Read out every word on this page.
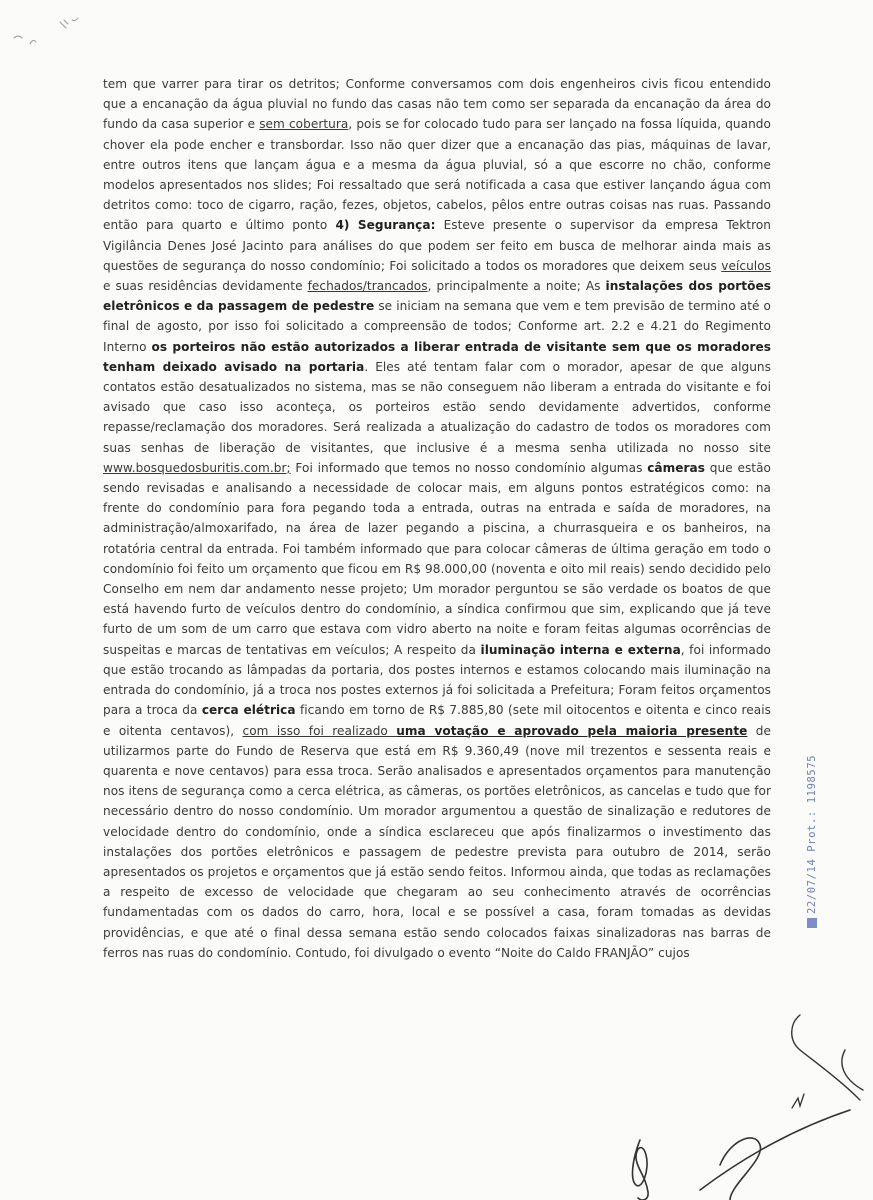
tem que varrer para tirar os detritos; Conforme conversamos com dois engenheiros civis ficou entendido que a encanação da água pluvial no fundo das casas não tem como ser separada da encanação da área do fundo da casa superior e sem cobertura, pois se for colocado tudo para ser lançado na fossa líquida, quando chover ela pode encher e transbordar. Isso não quer dizer que a encanação das pias, máquinas de lavar, entre outros itens que lançam água e a mesma da água pluvial, só a que escorre no chão, conforme modelos apresentados nos slides; Foi ressaltado que será notificada a casa que estiver lançando água com detritos como: toco de cigarro, ração, fezes, objetos, cabelos, pêlos entre outras coisas nas ruas. Passando então para quarto e último ponto 4) Segurança: Esteve presente o supervisor da empresa Tektron Vigilância Denes José Jacinto para análises do que podem ser feito em busca de melhorar ainda mais as questões de segurança do nosso condomínio; Foi solicitado a todos os moradores que deixem seus veículos e suas residências devidamente fechados/trancados, principalmente a noite; As instalações dos portões eletrônicos e da passagem de pedestre se iniciam na semana que vem e tem previsão de termino até o final de agosto, por isso foi solicitado a compreensão de todos; Conforme art. 2.2 e 4.21 do Regimento Interno os porteiros não estão autorizados a liberar entrada de visitante sem que os moradores tenham deixado avisado na portaria. Eles até tentam falar com o morador, apesar de que alguns contatos estão desatualizados no sistema, mas se não conseguem não liberam a entrada do visitante e foi avisado que caso isso aconteça, os porteiros estão sendo devidamente advertidos, conforme repasse/reclamação dos moradores. Será realizada a atualização do cadastro de todos os moradores com suas senhas de liberação de visitantes, que inclusive é a mesma senha utilizada no nosso site www.bosquedosburitis.com.br; Foi informado que temos no nosso condomínio algumas câmeras que estão sendo revisadas e analisando a necessidade de colocar mais, em alguns pontos estratégicos como: na frente do condomínio para fora pegando toda a entrada, outras na entrada e saída de moradores, na administração/almoxarifado, na área de lazer pegando a piscina, a churrasqueira e os banheiros, na rotatória central da entrada. Foi também informado que para colocar câmeras de última geração em todo o condomínio foi feito um orçamento que ficou em R$ 98.000,00 (noventa e oito mil reais) sendo decidido pelo Conselho em nem dar andamento nesse projeto; Um morador perguntou se são verdade os boatos de que está havendo furto de veículos dentro do condomínio, a síndica confirmou que sim, explicando que já teve furto de um som de um carro que estava com vidro aberto na noite e foram feitas algumas ocorrências de suspeitas e marcas de tentativas em veículos; A respeito da iluminação interna e externa, foi informado que estão trocando as lâmpadas da portaria, dos postes internos e estamos colocando mais iluminação na entrada do condomínio, já a troca nos postes externos já foi solicitada a Prefeitura; Foram feitos orçamentos para a troca da cerca elétrica ficando em torno de R$ 7.885,80 (sete mil oitocentos e oitenta e cinco reais e oitenta centavos), com isso foi realizado uma votação e aprovado pela maioria presente de utilizarmos parte do Fundo de Reserva que está em R$ 9.360,49 (nove mil trezentos e sessenta reais e quarenta e nove centavos) para essa troca. Serão analisados e apresentados orçamentos para manutenção nos itens de segurança como a cerca elétrica, as câmeras, os portões eletrônicos, as cancelas e tudo que for necessário dentro do nosso condomínio. Um morador argumentou a questão de sinalização e redutores de velocidade dentro do condomínio, onde a síndica esclareceu que após finalizarmos o investimento das instalações dos portões eletrônicos e passagem de pedestre prevista para outubro de 2014, serão apresentados os projetos e orçamentos que já estão sendo feitos. Informou ainda, que todas as reclamações a respeito de excesso de velocidade que chegaram ao seu conhecimento através de ocorrências fundamentadas com os dados do carro, hora, local e se possível a casa, foram tomadas as devidas providências, e que até o final dessa semana estão sendo colocados faixas sinalizadoras nas barras de ferros nas ruas do condomínio. Contudo, foi divulgado o evento “Noite do Caldo FRANJÃO” cujos
22/07/14 Prot.: 1198575
